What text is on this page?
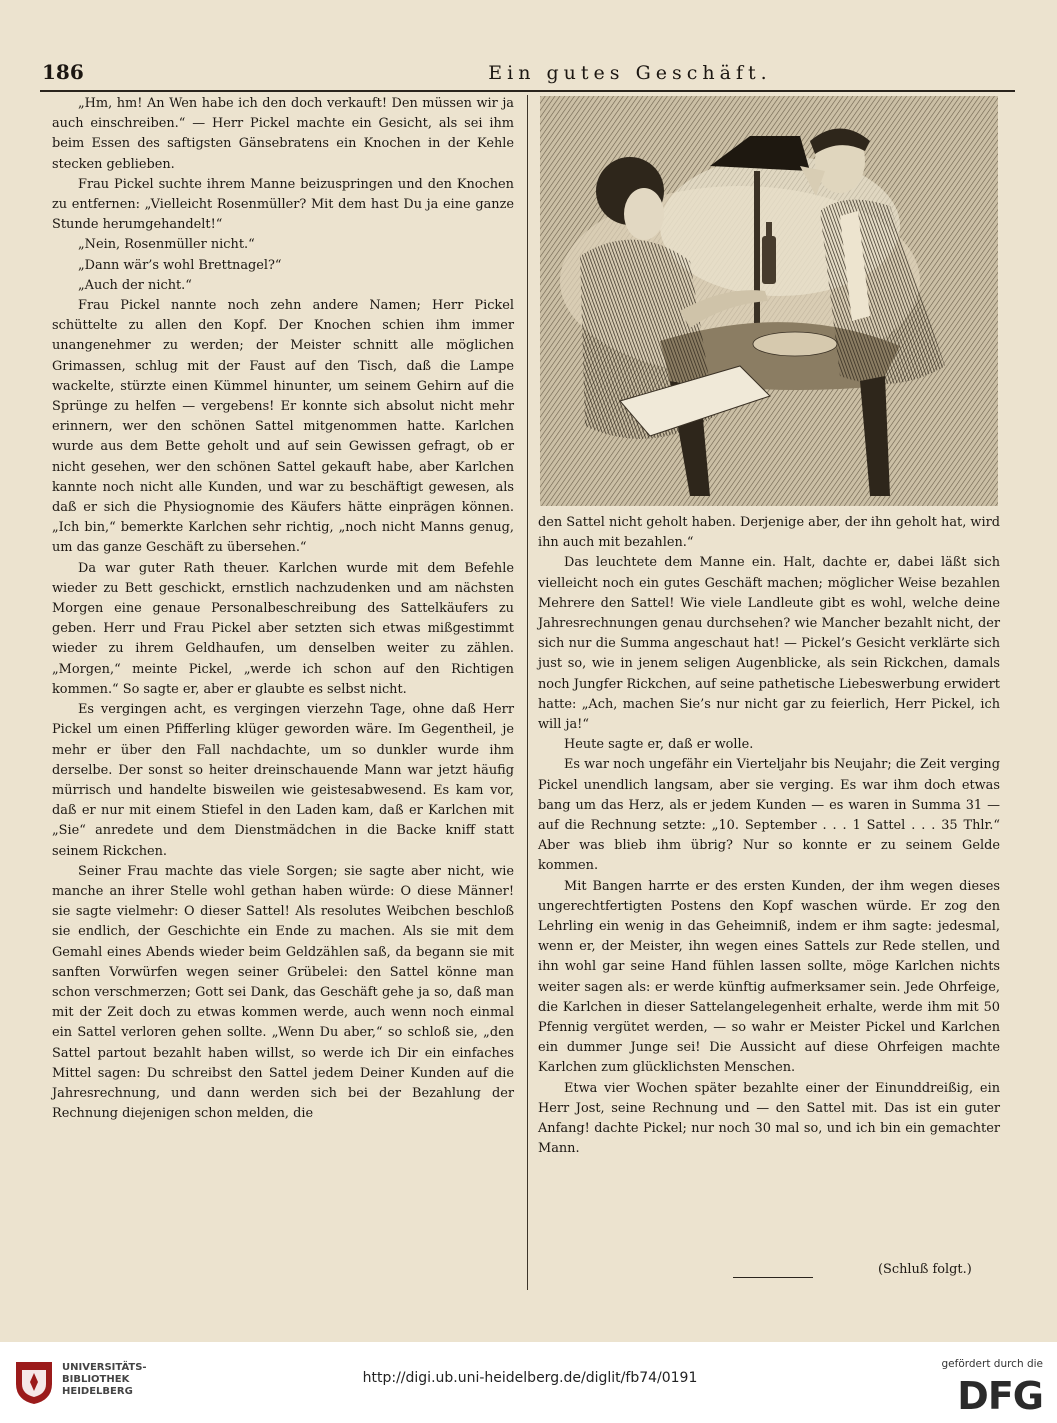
186	Ein gutes Geschäft.

„Hm, hm! An Wen habe ich den doch verkauft! Den müssen wir ja auch einschreiben.“ — Herr Pickel machte ein Gesicht, als sei ihm beim Essen des saftigsten Gänsebratens ein Knochen in der Kehle stecken geblieben.

Frau Pickel suchte ihrem Manne beizuspringen und den Knochen zu entfernen: „Vielleicht Rosenmüller? Mit dem hast Du ja eine ganze Stunde herumgehandelt!“

„Nein, Rosenmüller nicht.“

„Dann wär’s wohl Brettnagel?“

„Auch der nicht.“

Frau Pickel nannte noch zehn andere Namen; Herr Pickel schüttelte zu allen den Kopf. Der Knochen schien ihm immer unangenehmer zu werden; der Meister schnitt alle möglichen Grimassen, schlug mit der Faust auf den Tisch, daß die Lampe wackelte, stürzte einen Kümmel hinunter, um seinem Gehirn auf die Sprünge zu helfen — vergebens! Er konnte sich absolut nicht mehr erinnern, wer den schönen Sattel mitgenommen hatte. Karlchen wurde aus dem Bette geholt und auf sein Gewissen gefragt, ob er nicht gesehen, wer den schönen Sattel gekauft habe, aber Karlchen kannte noch nicht alle Kunden, und war zu beschäftigt gewesen, als daß er sich die Physiognomie des Käufers hätte einprägen können. „Ich bin,“ bemerkte Karlchen sehr richtig, „noch nicht Manns genug, um das ganze Geschäft zu übersehen.“

Da war guter Rath theuer. Karlchen wurde mit dem Befehle wieder zu Bett geschickt, ernstlich nachzudenken und am nächsten Morgen eine genaue Personalbeschreibung des Sattelkäufers zu geben. Herr und Frau Pickel aber setzten sich etwas mißgestimmt wieder zu ihrem Geldhaufen, um denselben weiter zu zählen. „Morgen,“ meinte Pickel, „werde ich schon auf den Richtigen kommen.“ So sagte er, aber er glaubte es selbst nicht.

Es vergingen acht, es vergingen vierzehn Tage, ohne daß Herr Pickel um einen Pfifferling klüger geworden wäre. Im Gegentheil, je mehr er über den Fall nachdachte, um so dunkler wurde ihm derselbe. Der sonst so heiter dreinschauende Mann war jetzt häufig mürrisch und handelte bisweilen wie geistesabwesend. Es kam vor, daß er nur mit einem Stiefel in den Laden kam, daß er Karlchen mit „Sie“ anredete und dem Dienstmädchen in die Backe kniff statt seinem Rickchen.

Seiner Frau machte das viele Sorgen; sie sagte aber nicht, wie manche an ihrer Stelle wohl gethan haben würde: O diese Männer! sie sagte vielmehr: O dieser Sattel! Als resolutes Weibchen beschloß sie endlich, der Geschichte ein Ende zu machen. Als sie mit dem Gemahl eines Abends wieder beim Geldzählen saß, da begann sie mit sanften Vorwürfen wegen seiner Grübelei: den Sattel könne man schon verschmerzen; Gott sei Dank, das Geschäft gehe ja so, daß man mit der Zeit doch zu etwas kommen werde, auch wenn noch einmal ein Sattel verloren gehen sollte. „Wenn Du aber,“ so schloß sie, „den Sattel partout bezahlt haben willst, so werde ich Dir ein einfaches Mittel sagen: Du schreibst den Sattel jedem Deiner Kunden auf die Jahresrechnung, und dann werden sich bei der Bezahlung der Rechnung diejenigen schon melden, die

den Sattel nicht geholt haben. Derjenige aber, der ihn geholt hat, wird ihn auch mit bezahlen.“

Das leuchtete dem Manne ein. Halt, dachte er, dabei läßt sich vielleicht noch ein gutes Geschäft machen; möglicher Weise bezahlen Mehrere den Sattel! Wie viele Landleute gibt es wohl, welche deine Jahresrechnungen genau durchsehen? wie Mancher bezahlt nicht, der sich nur die Summa angeschaut hat! — Pickel’s Gesicht verklärte sich just so, wie in jenem seligen Augenblicke, als sein Rickchen, damals noch Jungfer Rickchen, auf seine pathetische Liebeswerbung erwidert hatte: „Ach, machen Sie’s nur nicht gar zu feierlich, Herr Pickel, ich will ja!“

Heute sagte er, daß er wolle.

Es war noch ungefähr ein Vierteljahr bis Neujahr; die Zeit verging Pickel unendlich langsam, aber sie verging. Es war ihm doch etwas bang um das Herz, als er jedem Kunden — es waren in Summa 31 — auf die Rechnung setzte: „10. September . . . 1 Sattel . . . 35 Thlr.“ Aber was blieb ihm übrig? Nur so konnte er zu seinem Gelde kommen.

Mit Bangen harrte er des ersten Kunden, der ihm wegen dieses ungerechtfertigten Postens den Kopf waschen würde. Er zog den Lehrling ein wenig in das Geheimniß, indem er ihm sagte: jedesmal, wenn er, der Meister, ihn wegen eines Sattels zur Rede stellen, und ihn wohl gar seine Hand fühlen lassen sollte, möge Karlchen nichts weiter sagen als: er werde künftig aufmerksamer sein. Jede Ohrfeige, die Karlchen in dieser Sattelangelegenheit erhalte, werde ihm mit 50 Pfennig vergütet werden, — so wahr er Meister Pickel und Karlchen ein dummer Junge sei! Die Aussicht auf diese Ohrfeigen machte Karlchen zum glücklichsten Menschen.

Etwa vier Wochen später bezahlte einer der Einunddreißig, ein Herr Jost, seine Rechnung und — den Sattel mit. Das ist ein guter Anfang! dachte Pickel; nur noch 30 mal so, und ich bin ein gemachter Mann.

(Schluß folgt.)
UNIVERSITÄTS-
BIBLIOTHEK
HEIDELBERG
http://digi.ub.uni-heidelberg.de/diglit/fb74/0191
gefördert durch die
DFG
